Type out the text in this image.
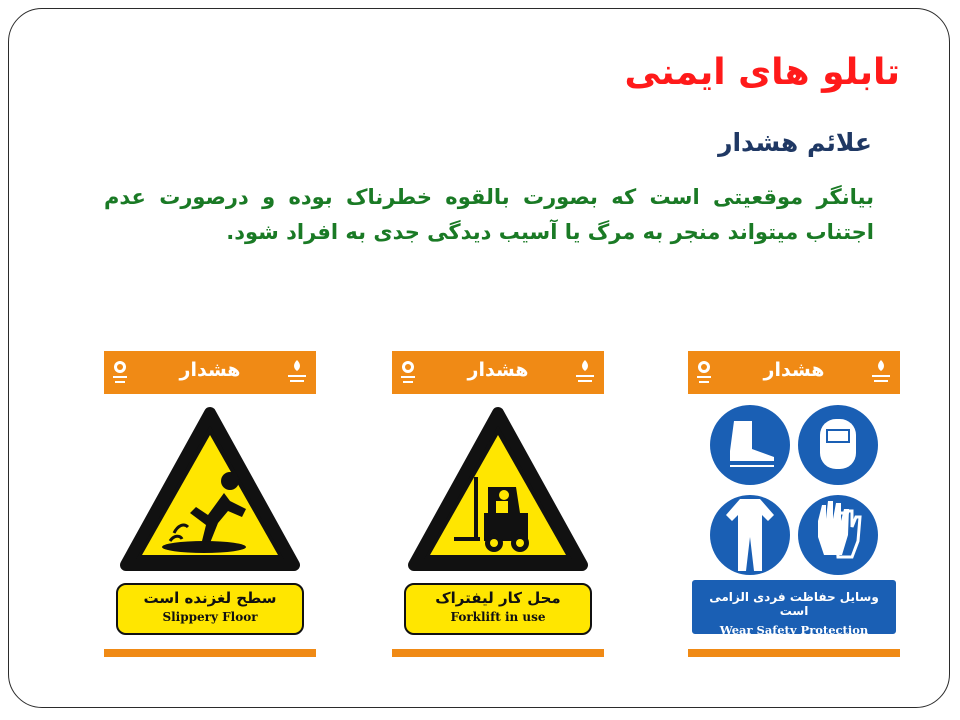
تابلو های ایمنی
علائم هشدار
بیانگر موقعیتی است که بصورت بالقوه خطرناک بوده و درصورت عدم اجتناب میتواند منجر به مرگ یا آسیب دیدگی جدی به افراد شود.
هشدار
سطح لغزنده است
Slippery Floor
هشدار
محل کار لیفتراک
Forklift in use
هشدار
وسایل حفاظت فردی الزامی است
Wear Safety Protection
